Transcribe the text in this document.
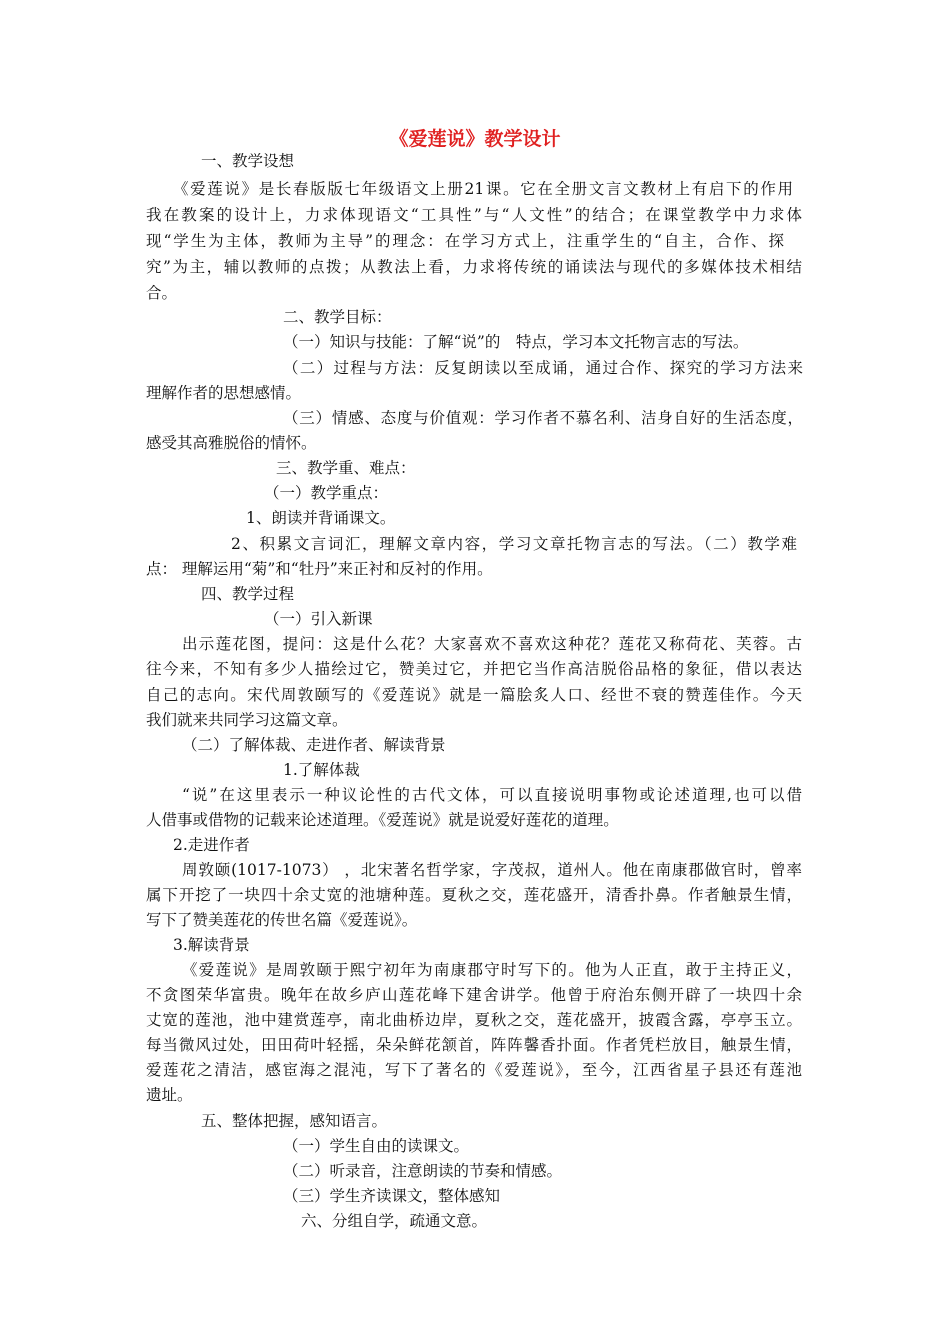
《爱莲说》教学设计
一、教学设想
《爱莲说》是长春版版七年级语文上册21课。它在全册文言文教材上有启下的作用
我在教案的设计上，力求体现语文“工具性”与“人文性”的结合；在课堂教学中力求体
现“学生为主体，教师为主导”的理念：在学习方式上，注重学生的“自主，合作、探
究”为主，辅以教师的点拨；从教法上看，力求将传统的诵读法与现代的多媒体技术相结
合。
二、教学目标：
（一）知识与技能：了解“说”的　特点，学习本文托物言志的写法。
（二）过程与方法：反复朗读以至成诵，通过合作、探究的学习方法来
理解作者的思想感情。
（三）情感、态度与价值观：学习作者不慕名利、洁身自好的生活态度，
感受其高雅脱俗的情怀。
三、教学重、难点：
（一）教学重点：
1、朗读并背诵课文。
2、积累文言词汇，理解文章内容，学习文章托物言志的写法。（二）教学难
点： 理解运用“菊”和“牡丹”来正衬和反衬的作用。
四、教学过程
（一）引入新课
出示莲花图，提问：这是什么花？大家喜欢不喜欢这种花？莲花又称荷花、芙蓉。古
往今来，不知有多少人描绘过它，赞美过它，并把它当作高洁脱俗品格的象征，借以表达
自己的志向。宋代周敦颐写的《爱莲说》就是一篇脍炙人口、经世不衰的赞莲佳作。今天
我们就来共同学习这篇文章。
（二）了解体裁、走进作者、解读背景
1.了解体裁
“说”在这里表示一种议论性的古代文体，可以直接说明事物或论述道理,也可以借
人借事或借物的记载来论述道理。《爱莲说》就是说爱好莲花的道理。
2.走进作者
周敦颐(1017-1073） ，北宋著名哲学家，字茂叔，道州人。他在南康郡做官时，曾率
属下开挖了一块四十余丈宽的池塘种莲。夏秋之交，莲花盛开，清香扑鼻。作者触景生情，
写下了赞美莲花的传世名篇《爱莲说》。
3.解读背景
《爱莲说》是周敦颐于熙宁初年为南康郡守时写下的。他为人正直，敢于主持正义，
不贪图荣华富贵。晚年在故乡庐山莲花峰下建舍讲学。他曾于府治东侧开辟了一块四十余
丈宽的莲池，池中建赏莲亭，南北曲桥边岸，夏秋之交，莲花盛开，披霞含露，亭亭玉立。
每当微风过处，田田荷叶轻摇，朵朵鲜花颔首，阵阵馨香扑面。作者凭栏放目，触景生情，
爱莲花之清洁，感宦海之混沌，写下了著名的《爱莲说》，至今，江西省星子县还有莲池
遗址。
五、整体把握，感知语言。
（一）学生自由的读课文。
（二）听录音，注意朗读的节奏和情感。
（三）学生齐读课文，整体感知
六、分组自学，疏通文意。
